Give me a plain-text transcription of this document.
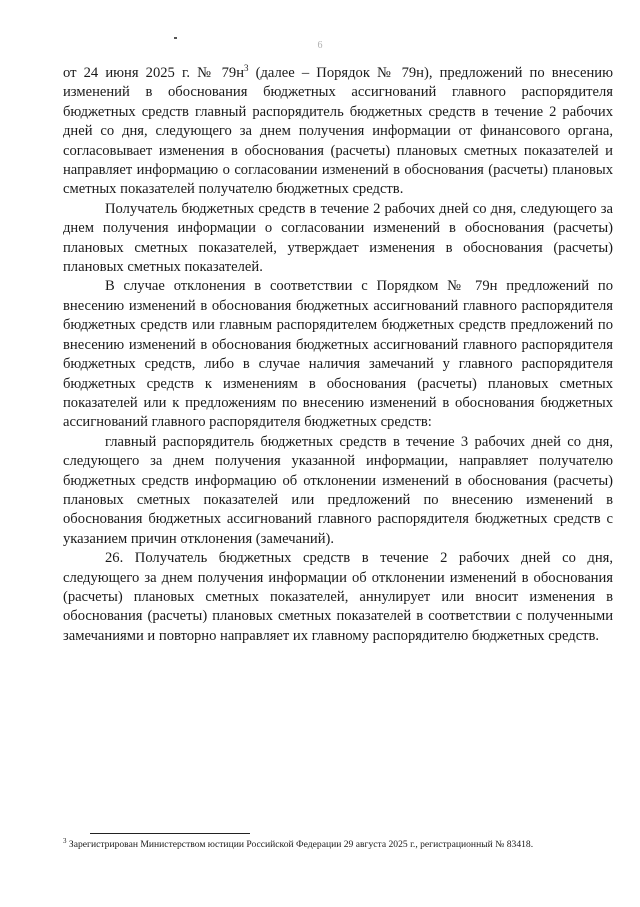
6

от 24 июня 2025 г. № $79н^3$ (далее – Порядок № 79н), предложений по внесению изменений в обоснования бюджетных ассигнований главного распорядителя бюджетных средств главный распорядитель бюджетных средств в течение 2 рабочих дней со дня, следующего за днем получения информации от финансового органа, согласовывает изменения в обоснования (расчеты) плановых сметных показателей и направляет информацию о согласовании изменений в обоснования (расчеты) плановых сметных показателей получателю бюджетных средств.

Получатель бюджетных средств в течение 2 рабочих дней со дня, следующего за днем получения информации о согласовании изменений в обоснования (расчеты) плановых сметных показателей, утверждает изменения в обоснования (расчеты) плановых сметных показателей.

В случае отклонения в соответствии с Порядком № 79н предложений по внесению изменений в обоснования бюджетных ассигнований главного распорядителя бюджетных средств или главным распорядителем бюджетных средств предложений по внесению изменений в обоснования бюджетных ассигнований главного распорядителя бюджетных средств, либо в случае наличия замечаний у главного распорядителя бюджетных средств к изменениям в обоснования (расчеты) плановых сметных показателей или к предложениям по внесению изменений в обоснования бюджетных ассигнований главного распорядителя бюджетных средств:

главный распорядитель бюджетных средств в течение 3 рабочих дней со дня, следующего за днем получения указанной информации, направляет получателю бюджетных средств информацию об отклонении изменений в обоснования (расчеты) плановых сметных показателей или предложений по внесению изменений в обоснования бюджетных ассигнований главного распорядителя бюджетных средств с указанием причин отклонения (замечаний).

26. Получатель бюджетных средств в течение 2 рабочих дней со дня, следующего за днем получения информации об отклонении изменений в обоснования (расчеты) плановых сметных показателей, аннулирует или вносит изменения в обоснования (расчеты) плановых сметных показателей в соответствии с полученными замечаниями и повторно направляет их главному распорядителю бюджетных средств.

$^3$ Зарегистрирован Министерством юстиции Российской Федерации 29 августа 2025 г., регистрационный № 83418.
